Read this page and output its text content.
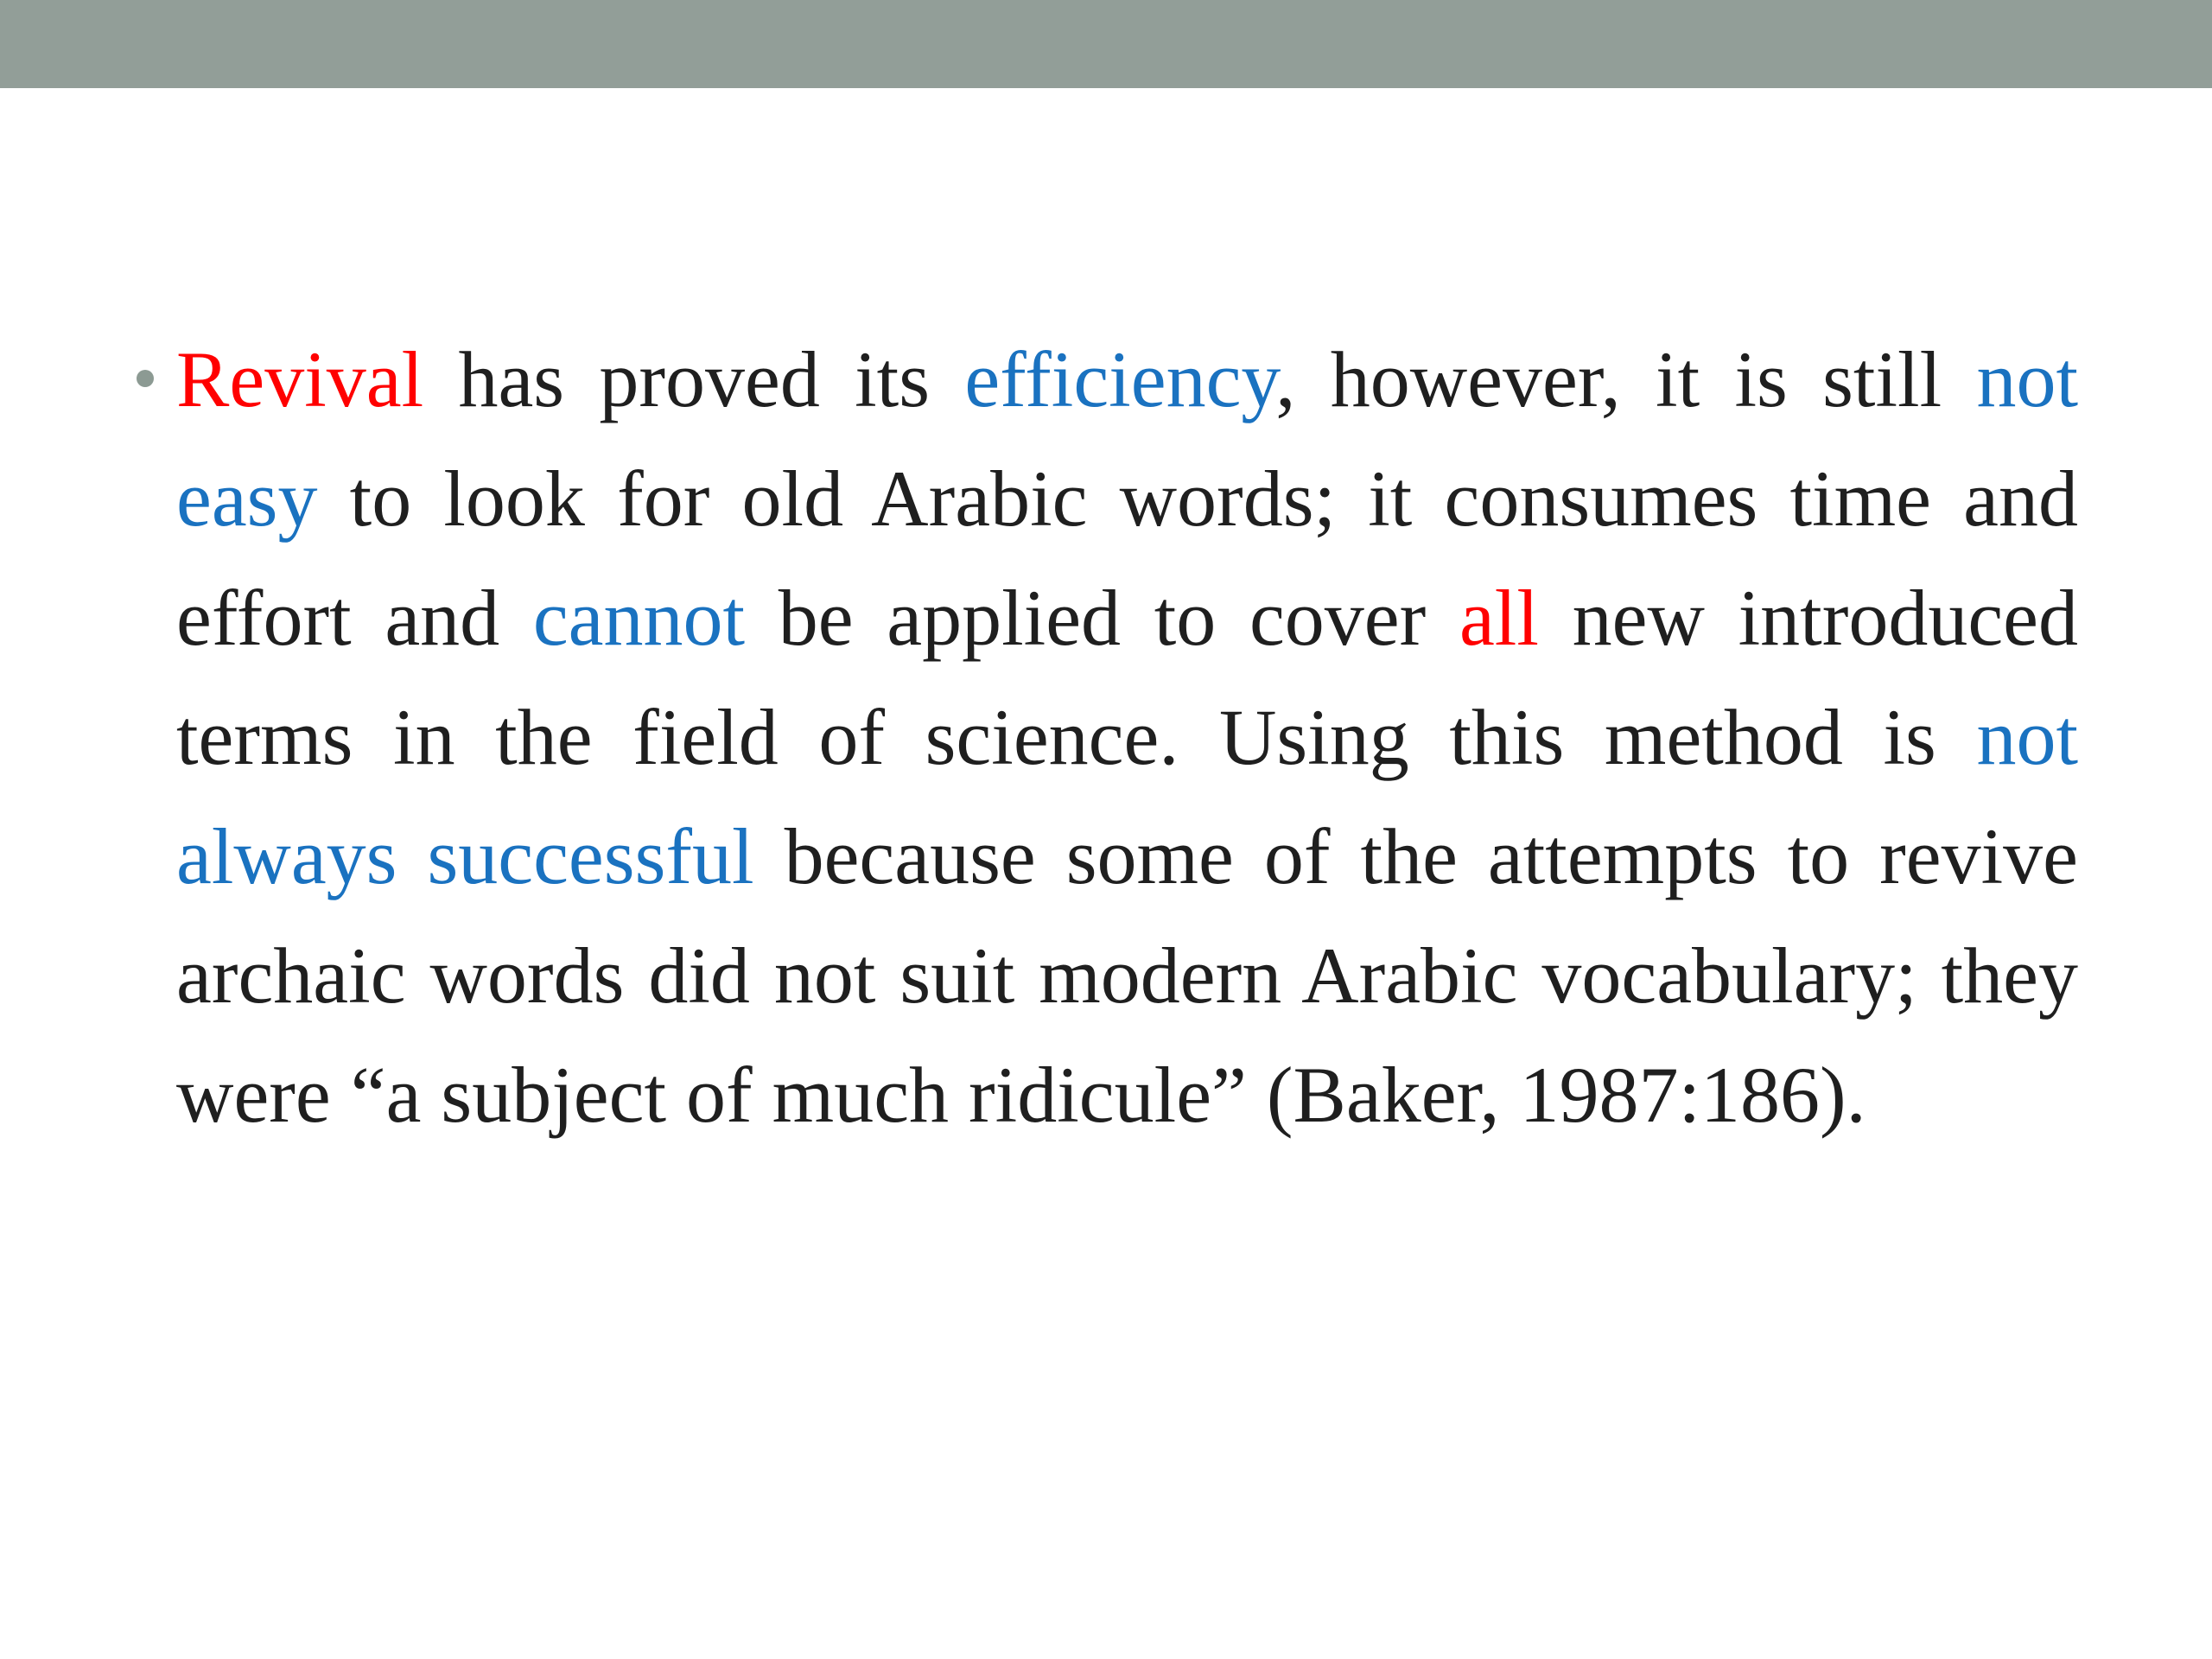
Revival has proved its efficiency, however, it is still not easy to look for old Arabic words; it consumes time and effort and cannot be applied to cover all new introduced terms in the field of science. Using this method is not always successful because some of the attempts to revive archaic words did not suit modern Arabic vocabulary; they were “a subject of much ridicule” (Baker, 1987:186).
